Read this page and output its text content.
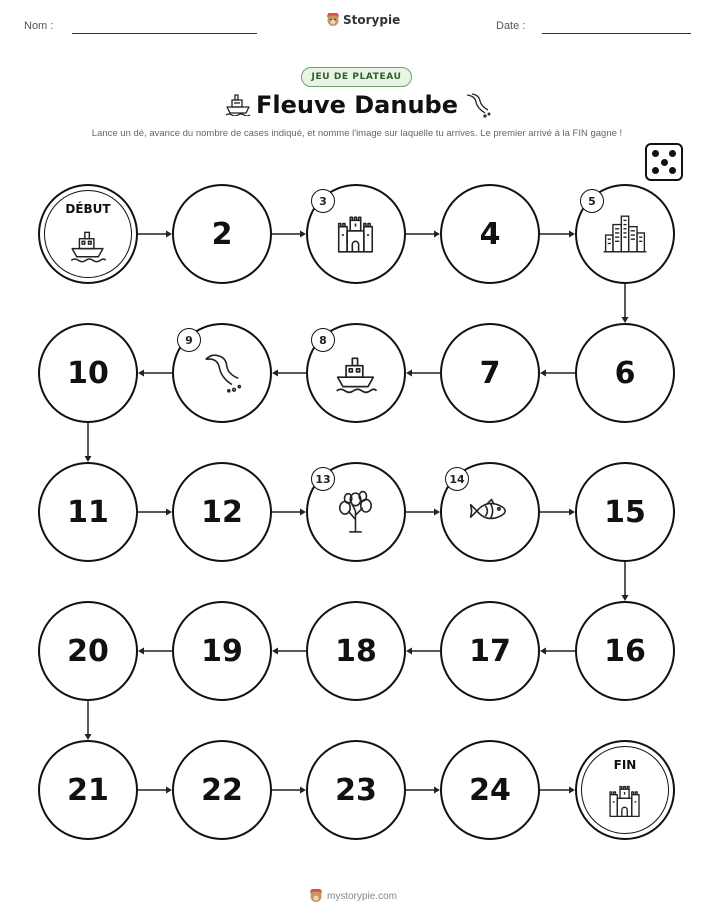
Nom :	Storypie	Date :
JEU DE PLATEAU
Fleuve Danube
Lance un dé, avance du nombre de cases indiqué, et nomme l'image sur laquelle tu arrives. Le premier arrivé à la FIN gagne !
DÉBUT
2
3
4
5
6
7
8
9
10
11	12
13	14
15
16
17
18
19
20
21	22	23	24
FIN
mystorypie.com
